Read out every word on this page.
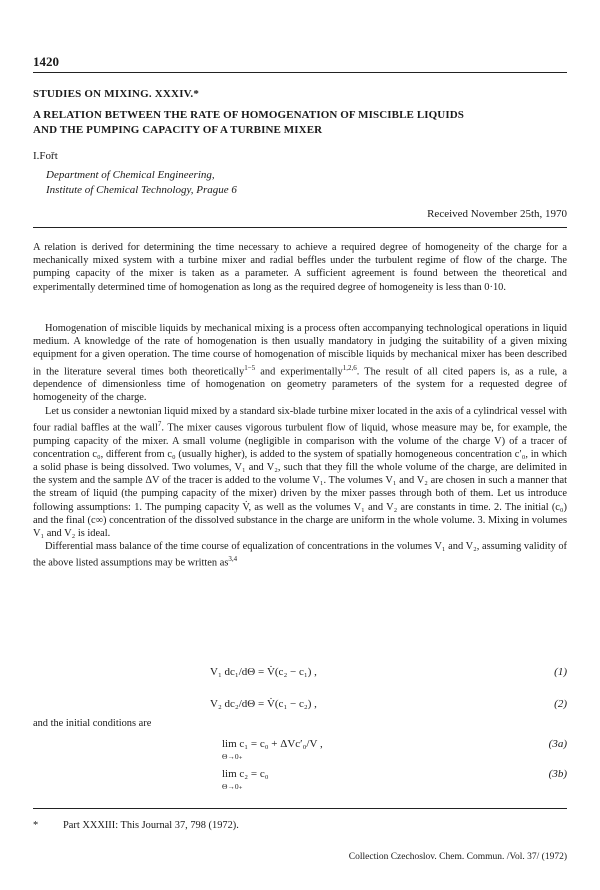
1420
STUDIES ON MIXING. XXXIV.*
A RELATION BETWEEN THE RATE OF HOMOGENATION OF MISCIBLE LIQUIDS
AND THE PUMPING CAPACITY OF A TURBINE MIXER
I.Fořt
Department of Chemical Engineering,
Institute of Chemical Technology, Prague 6
Received November 25th, 1970

A relation is derived for determining the time necessary to achieve a required degree of homogeneity of the charge for a mechanically mixed system with a turbine mixer and radial beffles under the turbulent regime of flow of the charge. The pumping capacity of the mixer is taken as a parameter. A sufficient agreement is found between the theoretical and experimentally determined time of homogenation as long as the required degree of homogeneity is less than 0·10.

Homogenation of miscible liquids by mechanical mixing is a process often accompanying technological operations in liquid medium. A knowledge of the rate of homogenation is then usually mandatory in judging the suitability of a given mixing equipment for a given operation. The time course of homogenation of miscible liquids by mechanical mixer has been described in the literature several times both theoretically$^{1-5}$ and experimentally$^{1,2,6}$. The result of all cited papers is, as a rule, a dependence of dimensionless time of homogenation on geometry parameters of the system for a requested degree of homogeneity of the charge.

Let us consider a newtonian liquid mixed by a standard six-blade turbine mixer located in the axis of a cylindrical vessel with four radial baffles at the wall$^7$. The mixer causes vigorous turbulent flow of liquid, whose measure may be, for example, the pumping capacity of the mixer. A small volume (negligible in comparison with the volume of the charge V) of a tracer of concentration c₀, different from c₀ (usually higher), is added to the system of spatially homogeneous concentration c′₀, in which a solid phase is being dissolved. Two volumes, V₁ and V₂, such that they fill the whole volume of the charge, are delimited in the system and the sample ΔV of the tracer is added to the volume V₁. The volumes V₁ and V₂ are chosen in such a manner that the stream of liquid (the pumping capacity of the mixer) driven by the mixer passes through both of them. Let us introduce following assumptions: 1. The pumping capacity V̇, as well as the volumes V₁ and V₂ are constants in time. 2. The initial (c₀) and the final (c∞) concentration of the dissolved substance in the charge are uniform in the whole volume. 3. Mixing in volumes V₁ and V₂ is ideal.

Differential mass balance of the time course of equalization of concentrations in the volumes V₁ and V₂, assuming validity of the above listed assumptions may be written as$^{3,4}$

V₁ dc₁/dΘ = V̇(c₂ − c₁) ,	(1)
V₂ dc₂/dΘ = V̇(c₁ − c₂) ,	(2)
and the initial conditions are
lim c₁ = c₀ + ΔVc′₀/V ,
Θ→0₊
(3a)
lim c₂ = c₀
Θ→0₊
(3b)
* Part XXXIII: This Journal 37, 798 (1972).
Collection Czechoslov. Chem. Commun. /Vol. 37/ (1972)
